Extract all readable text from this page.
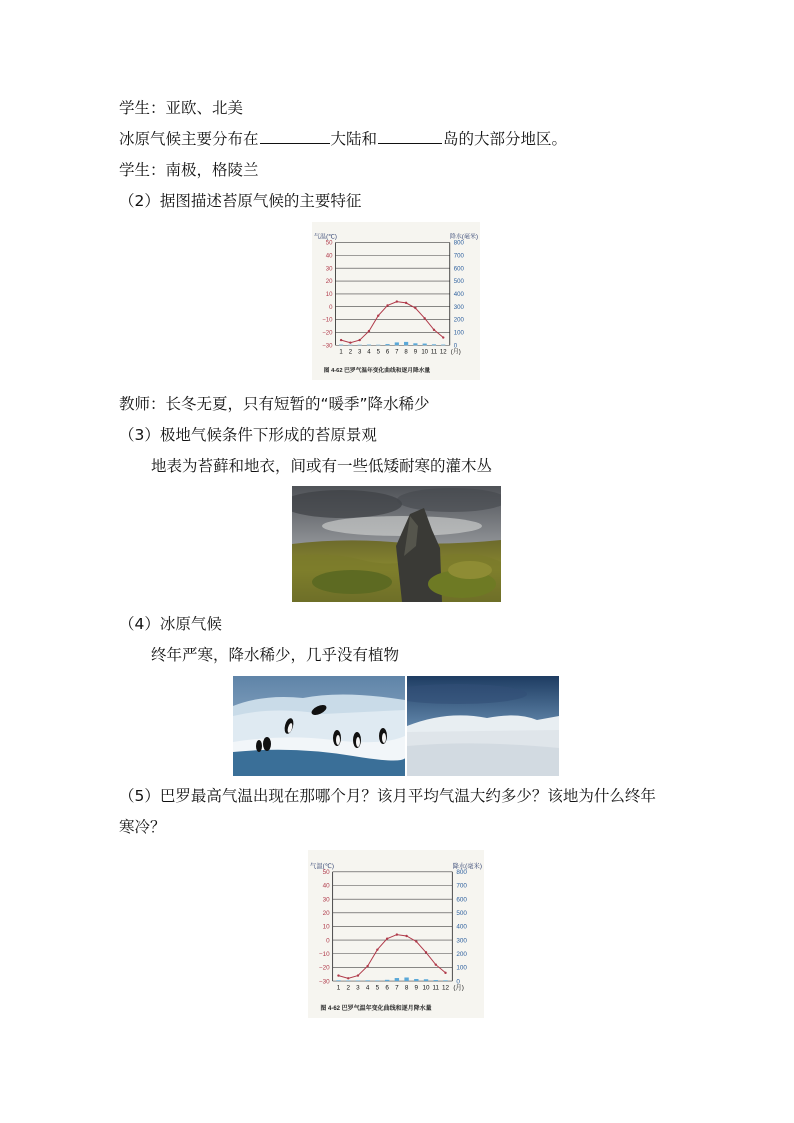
学生：亚欧、北美
冰原气候主要分布在	大陆和	岛的大部分地区。
学生：南极，格陵兰
（2）据图描述苔原气候的主要特征
气温(℃)	降水(毫米)
50
40
30
20
10
0
−10
−20
−30
800
700
600
500
400
300
200
100
0
1 2 3 4 5 6 7 8 9 10 11 12 (月)
图 4-62 巴罗气温年变化曲线和逐月降水量
教师：长冬无夏，只有短暂的“暖季”降水稀少
（3）极地气候条件下形成的苔原景观
地表为苔藓和地衣，间或有一些低矮耐寒的灌木丛
（4）冰原气候
终年严寒，降水稀少，几乎没有植物
（5）巴罗最高气温出现在那哪个月？该月平均气温大约多少？该地为什么终年
寒冷？
气温(℃)	降水(毫米)
50
40
30
20
10
0
−10
−20
−30
800
700
600
500
400
300
200
100
0
1 2 3 4 5 6 7 8 9 10 11 12 (月)
图 4-62 巴罗气温年变化曲线和逐月降水量
